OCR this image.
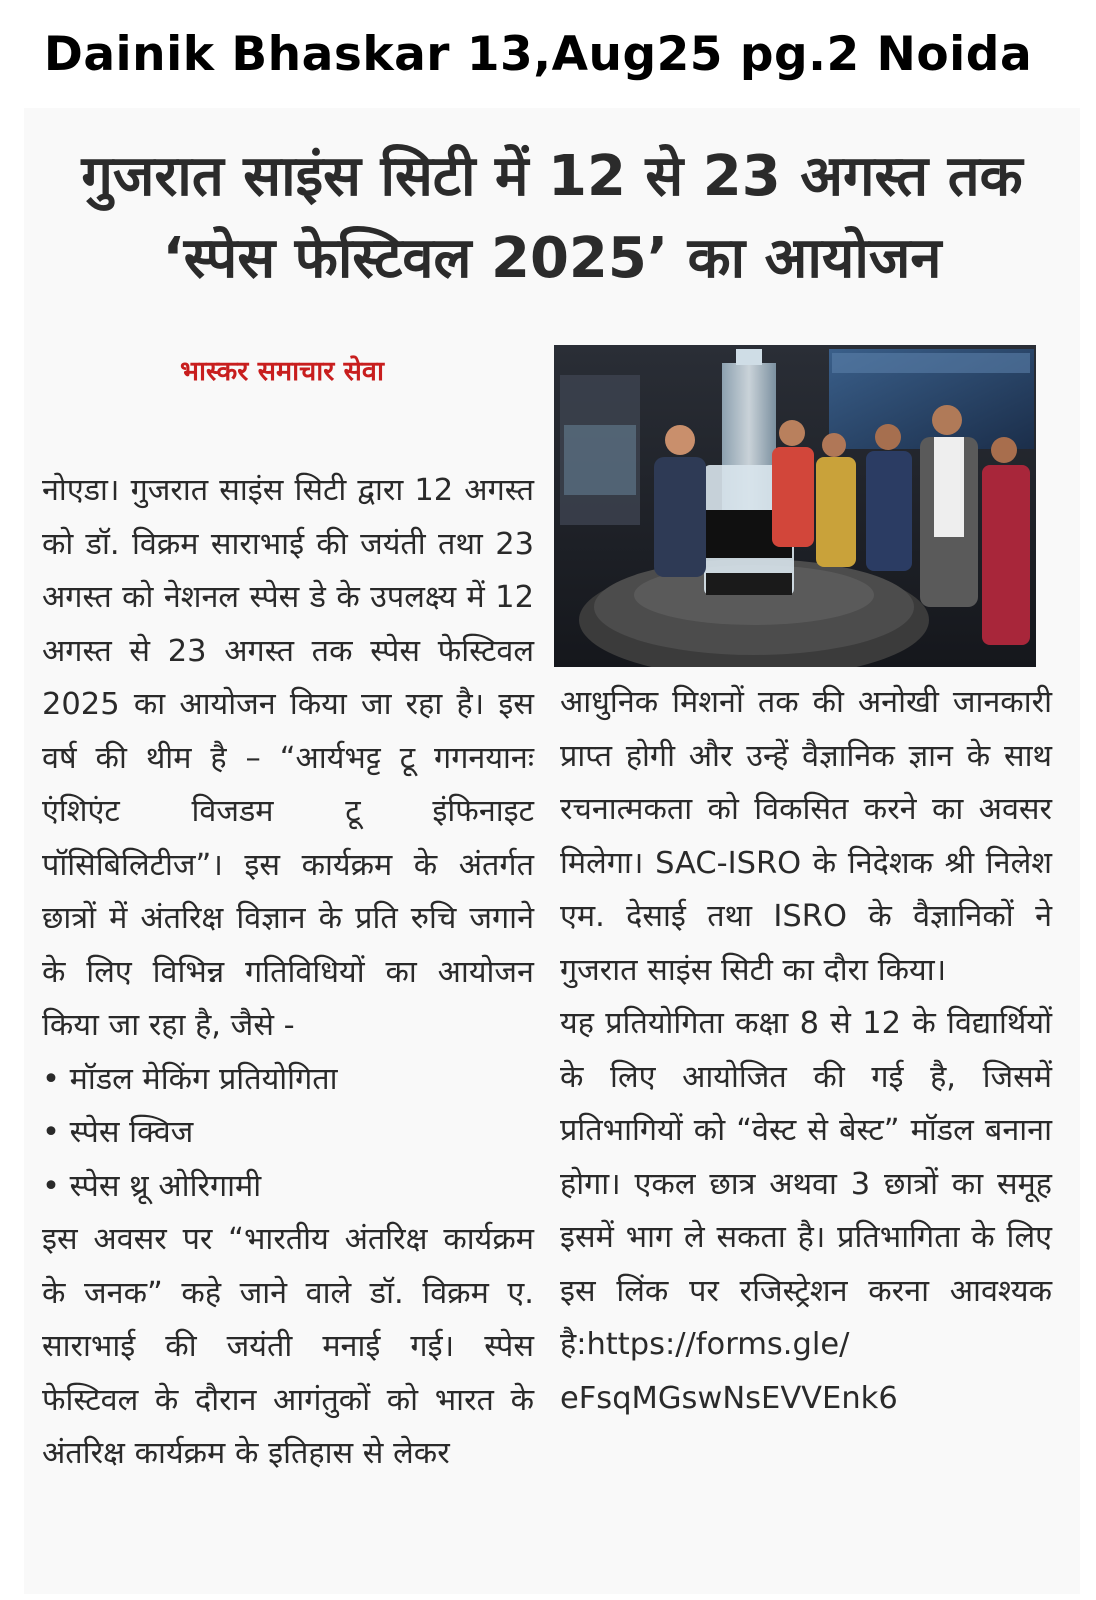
Dainik Bhaskar 13,Aug25 pg.2 Noida
गुजरात साइंस सिटी में 12 से 23 अगस्त तक
‘स्पेस फेस्टिवल 2025’ का आयोजन
भास्कर समाचार सेवा

नोएडा। गुजरात साइंस सिटी द्वारा 12 अगस्त को डॉ. विक्रम साराभाई की जयंती तथा 23 अगस्त को नेशनल स्पेस डे के उपलक्ष्य में 12 अगस्त से 23 अगस्त तक स्पेस फेस्टिवल 2025 का आयोजन किया जा रहा है। इस वर्ष की थीम है – “आर्यभट्ट टू गगनयानः एंशिएंट विजडम टू इंफिनाइट पॉसिबिलिटीज”। इस कार्यक्रम के अंतर्गत छात्रों में अंतरिक्ष विज्ञान के प्रति रुचि जगाने के लिए विभिन्न गतिविधियों का आयोजन किया जा रहा है, जैसे -

• मॉडल मेकिंग प्रतियोगिता

• स्पेस क्विज

• स्पेस थ्रू ओरिगामी

इस अवसर पर “भारतीय अंतरिक्ष कार्यक्रम के जनक” कहे जाने वाले डॉ. विक्रम ए. साराभाई की जयंती मनाई गई। स्पेस फेस्टिवल के दौरान आगंतुकों को भारत के अंतरिक्ष कार्यक्रम के इतिहास से लेकर

आधुनिक मिशनों तक की अनोखी जानकारी प्राप्त होगी और उन्हें वैज्ञानिक ज्ञान के साथ रचनात्मकता को विकसित करने का अवसर मिलेगा। SAC-ISRO के निदेशक श्री निलेश एम. देसाई तथा ISRO के वैज्ञानिकों ने गुजरात साइंस सिटी का दौरा किया।

यह प्रतियोगिता कक्षा 8 से 12 के विद्यार्थियों के लिए आयोजित की गई है, जिसमें प्रतिभागियों को “वेस्ट से बेस्ट” मॉडल बनाना होगा। एकल छात्र अथवा 3 छात्रों का समूह इसमें भाग ले सकता है। प्रतिभागिता के लिए इस लिंक पर रजिस्ट्रेशन करना आवश्यक है:https://forms.gle/ eFsqMGswNsEVVEnk6
